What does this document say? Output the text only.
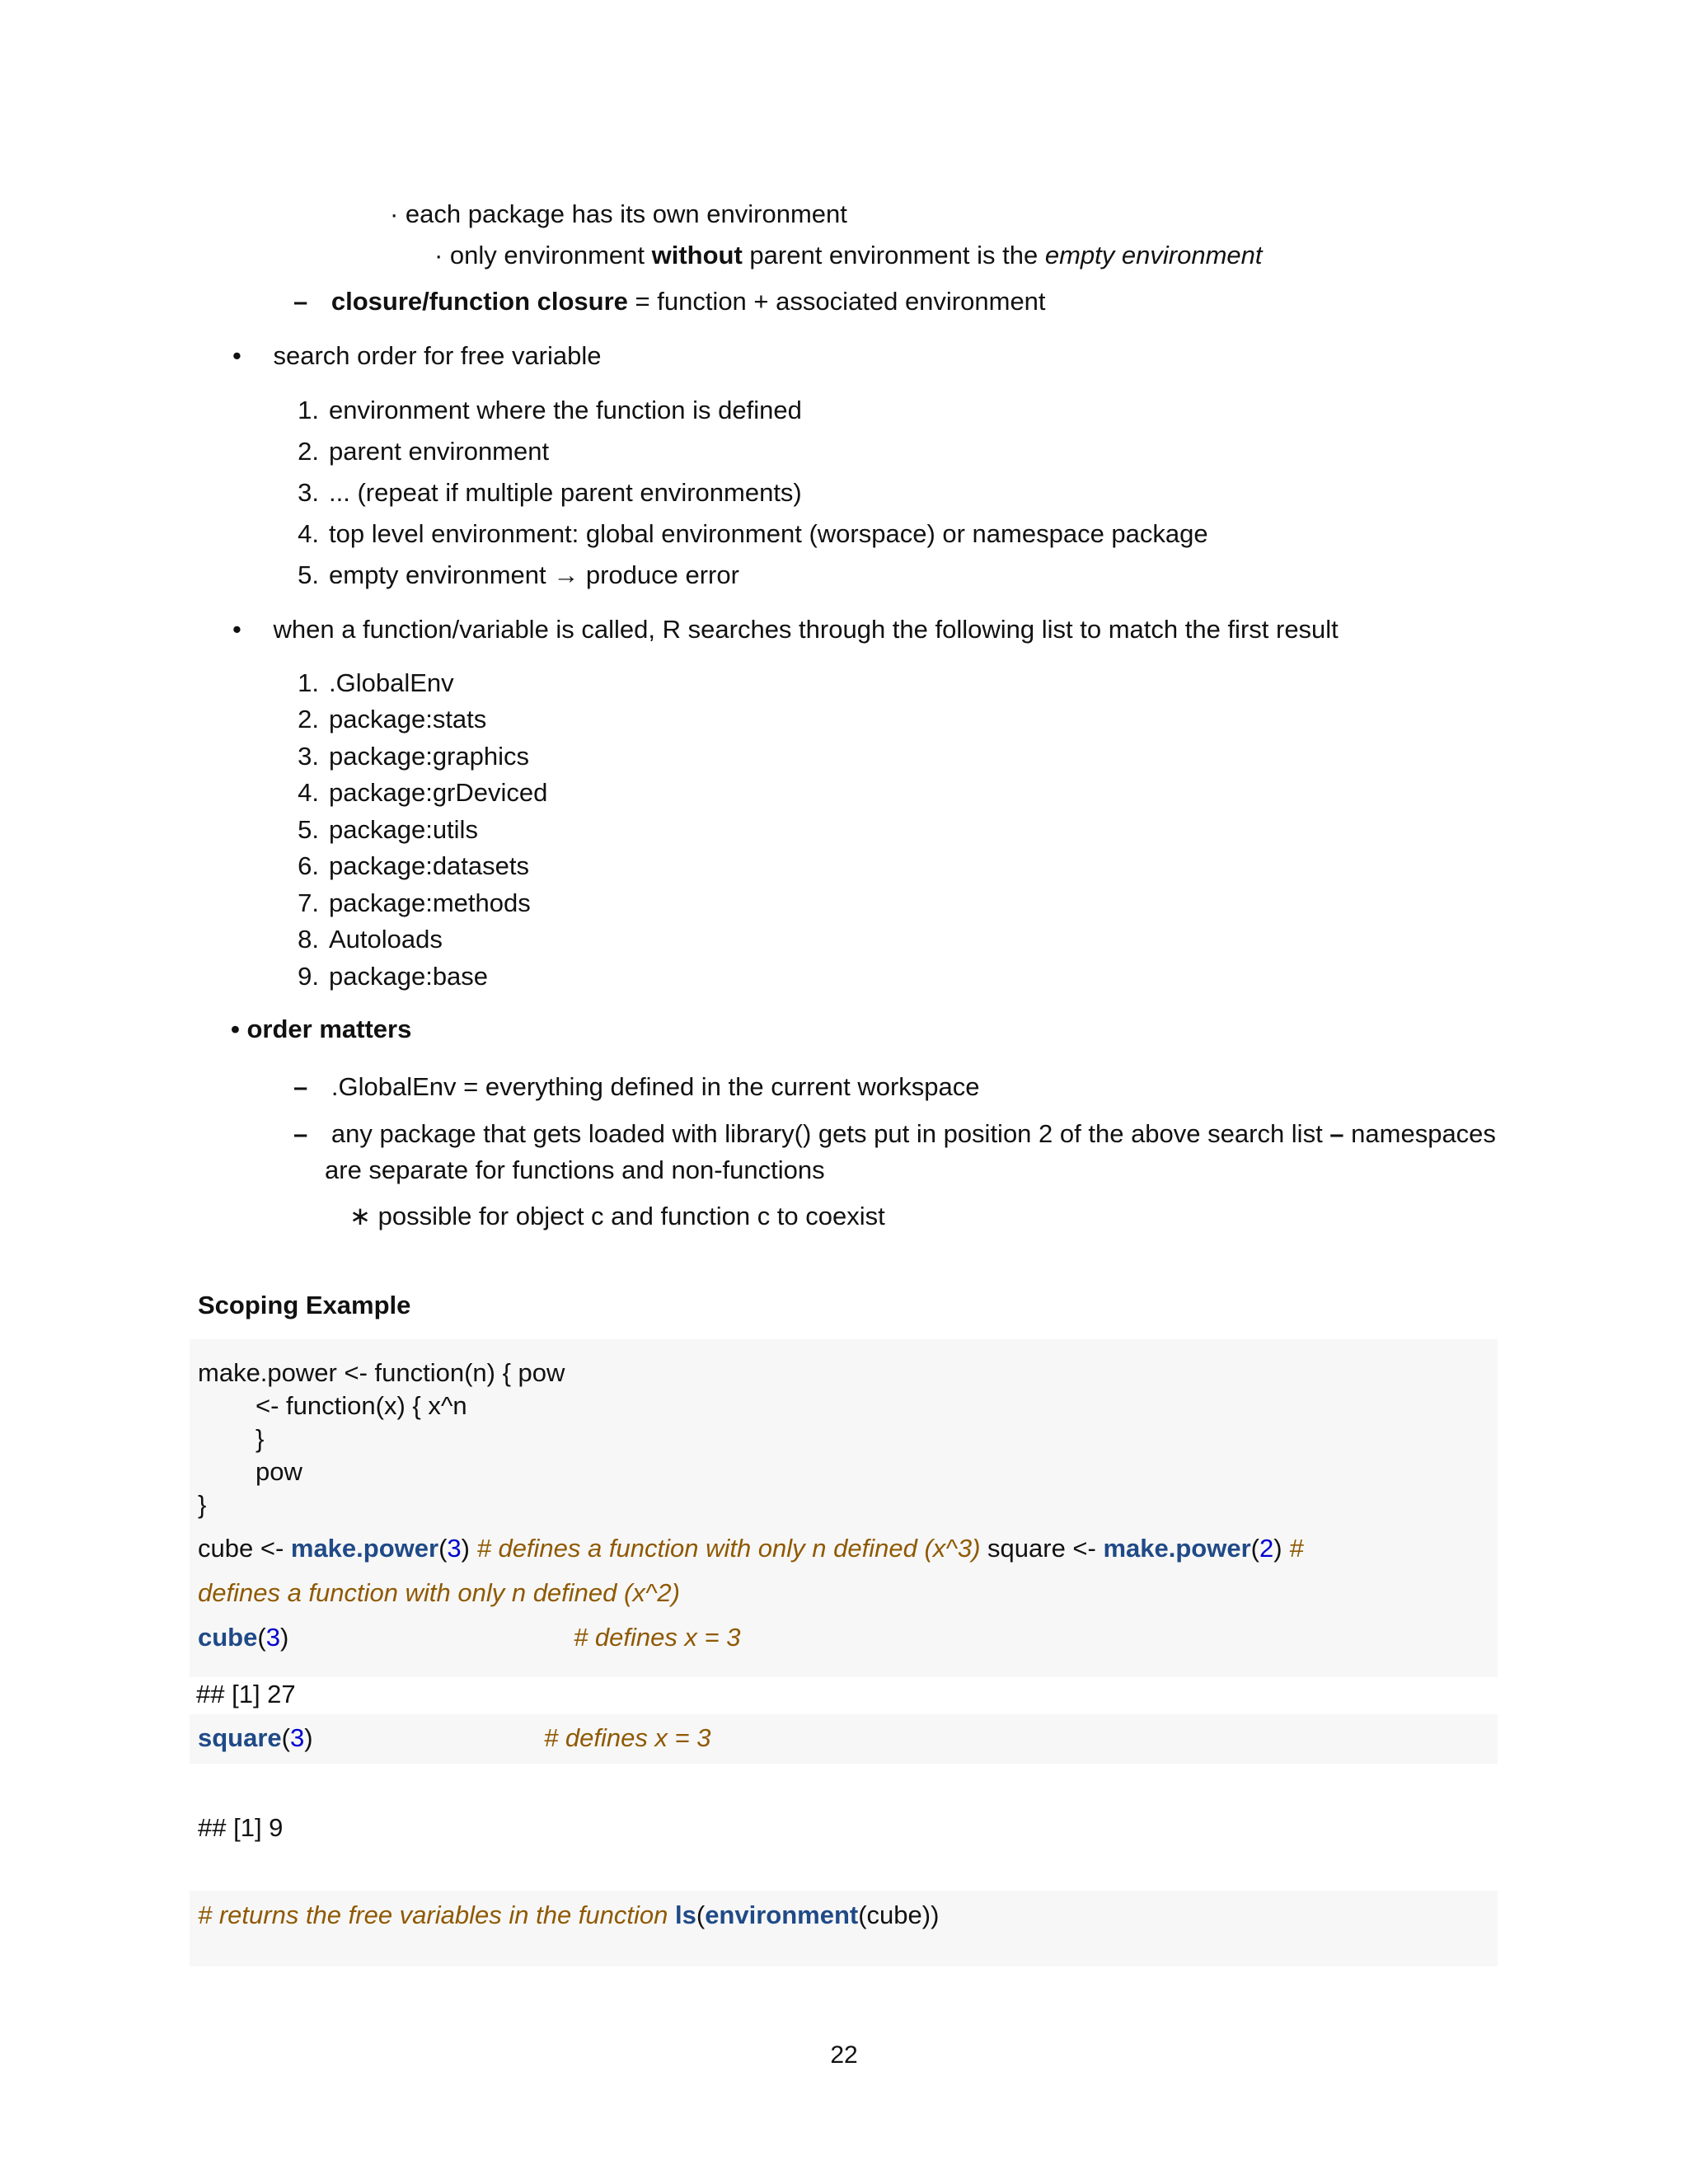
· each package has its own environment
· only environment without parent environment is the empty environment
– closure/function closure = function + associated environment
• search order for free variable
1. environment where the function is defined
2. parent environment
3. ... (repeat if multiple parent environments)
4. top level environment: global environment (worspace) or namespace package
5. empty environment → produce error
• when a function/variable is called, R searches through the following list to match the first result
1. .GlobalEnv
2. package:stats
3. package:graphics
4. package:grDeviced
5. package:utils
6. package:datasets
7. package:methods
8. Autoloads
9. package:base
• order matters
– .GlobalEnv = everything defined in the current workspace
– any package that gets loaded with library() gets put in position 2 of the above search list – namespaces
are separate for functions and non-functions
∗ possible for object c and function c to coexist
Scoping Example
make.power <- function(n) { pow
<- function(x) { x^n
}
pow
}
cube <- make.power(3) # defines a function with only n defined (x^3) square <- make.power(2) #
defines a function with only n defined (x^2)
cube(3)	# defines x = 3
## [1] 27
square(3)	# defines x = 3
## [1] 9
# returns the free variables in the function ls(environment(cube))
22
